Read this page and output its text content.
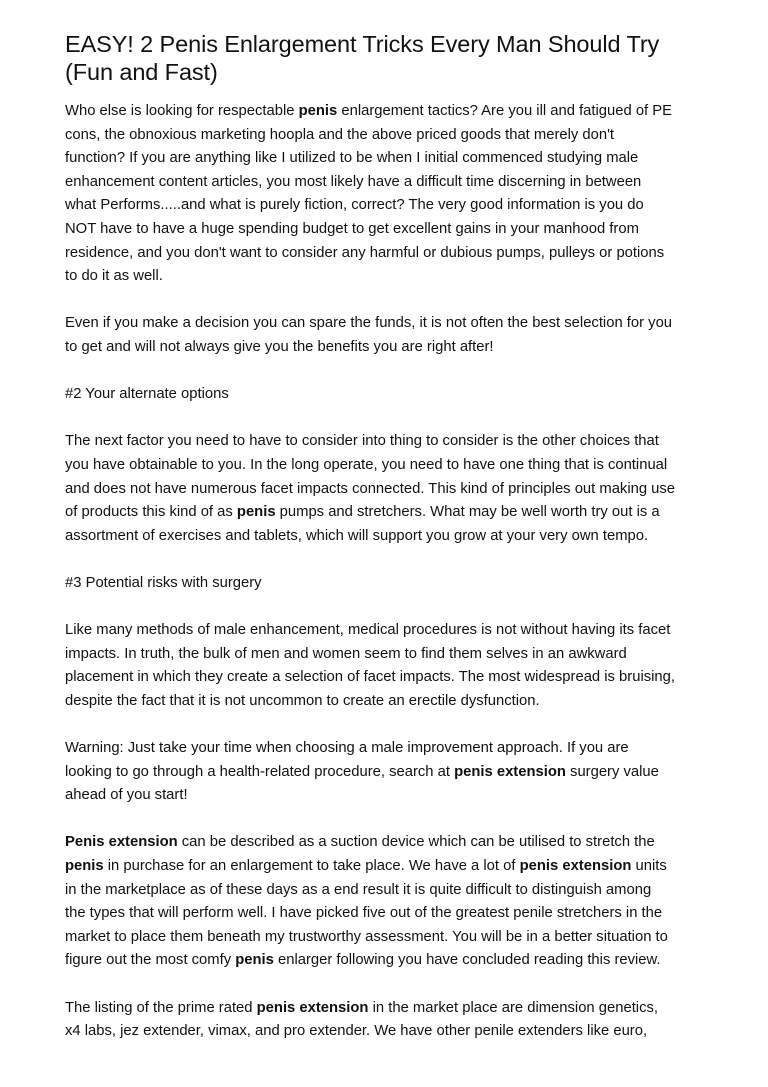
EASY! 2 Penis Enlargement Tricks Every Man Should Try
(Fun and Fast)

Who else is looking for respectable penis enlargement tactics? Are you ill and fatigued of PE
cons, the obnoxious marketing hoopla and the above priced goods that merely don't
function? If you are anything like I utilized to be when I initial commenced studying male
enhancement content articles, you most likely have a difficult time discerning in between
what Performs.....and what is purely fiction, correct? The very good information is you do
NOT have to have a huge spending budget to get excellent gains in your manhood from
residence, and you don't want to consider any harmful or dubious pumps, pulleys or potions
to do it as well.

Even if you make a decision you can spare the funds, it is not often the best selection for you
to get and will not always give you the benefits you are right after!

#2 Your alternate options

The next factor you need to have to consider into thing to consider is the other choices that
you have obtainable to you. In the long operate, you need to have one thing that is continual
and does not have numerous facet impacts connected. This kind of principles out making use
of products this kind of as penis pumps and stretchers. What may be well worth try out is a
assortment of exercises and tablets, which will support you grow at your very own tempo.

#3 Potential risks with surgery

Like many methods of male enhancement, medical procedures is not without having its facet
impacts. In truth, the bulk of men and women seem to find them selves in an awkward
placement in which they create a selection of facet impacts. The most widespread is bruising,
despite the fact that it is not uncommon to create an erectile dysfunction.

Warning: Just take your time when choosing a male improvement approach. If you are
looking to go through a health-related procedure, search at penis extension surgery value
ahead of you start!

Penis extension can be described as a suction device which can be utilised to stretch the
penis in purchase for an enlargement to take place. We have a lot of penis extension units
in the marketplace as of these days as a end result it is quite difficult to distinguish among
the types that will perform well. I have picked five out of the greatest penile stretchers in the
market to place them beneath my trustworthy assessment. You will be in a better situation to
figure out the most comfy penis enlarger following you have concluded reading this review.

The listing of the prime rated penis extension in the market place are dimension genetics,
x4 labs, jez extender, vimax, and pro extender. We have other penile extenders like euro,
